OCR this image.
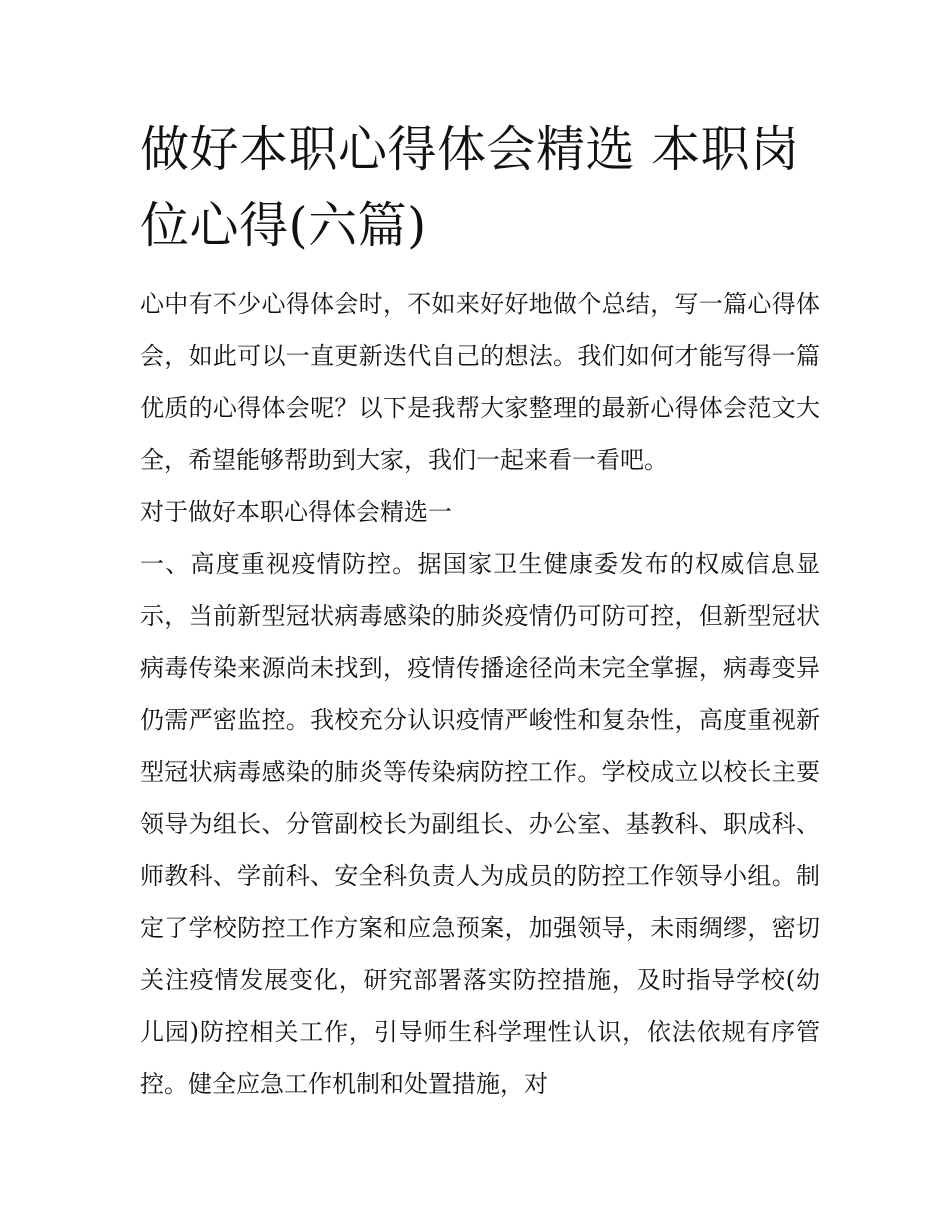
做好本职心得体会精选 本职岗位心得(六篇)

心中有不少心得体会时，不如来好好地做个总结，写一篇心得体会，如此可以一直更新迭代自己的想法。我们如何才能写得一篇优质的心得体会呢？以下是我帮大家整理的最新心得体会范文大全，希望能够帮助到大家，我们一起来看一看吧。

对于做好本职心得体会精选一

一、高度重视疫情防控。据国家卫生健康委发布的权威信息显示，当前新型冠状病毒感染的肺炎疫情仍可防可控，但新型冠状病毒传染来源尚未找到，疫情传播途径尚未完全掌握，病毒变异仍需严密监控。我校充分认识疫情严峻性和复杂性，高度重视新型冠状病毒感染的肺炎等传染病防控工作。学校成立以校长主要领导为组长、分管副校长为副组长、办公室、基教科、职成科、师教科、学前科、安全科负责人为成员的防控工作领导小组。制定了学校防控工作方案和应急预案，加强领导，未雨绸缪，密切关注疫情发展变化，研究部署落实防控措施，及时指导学校(幼儿园)防控相关工作，引导师生科学理性认识，依法依规有序管控。健全应急工作机制和处置措施，对
